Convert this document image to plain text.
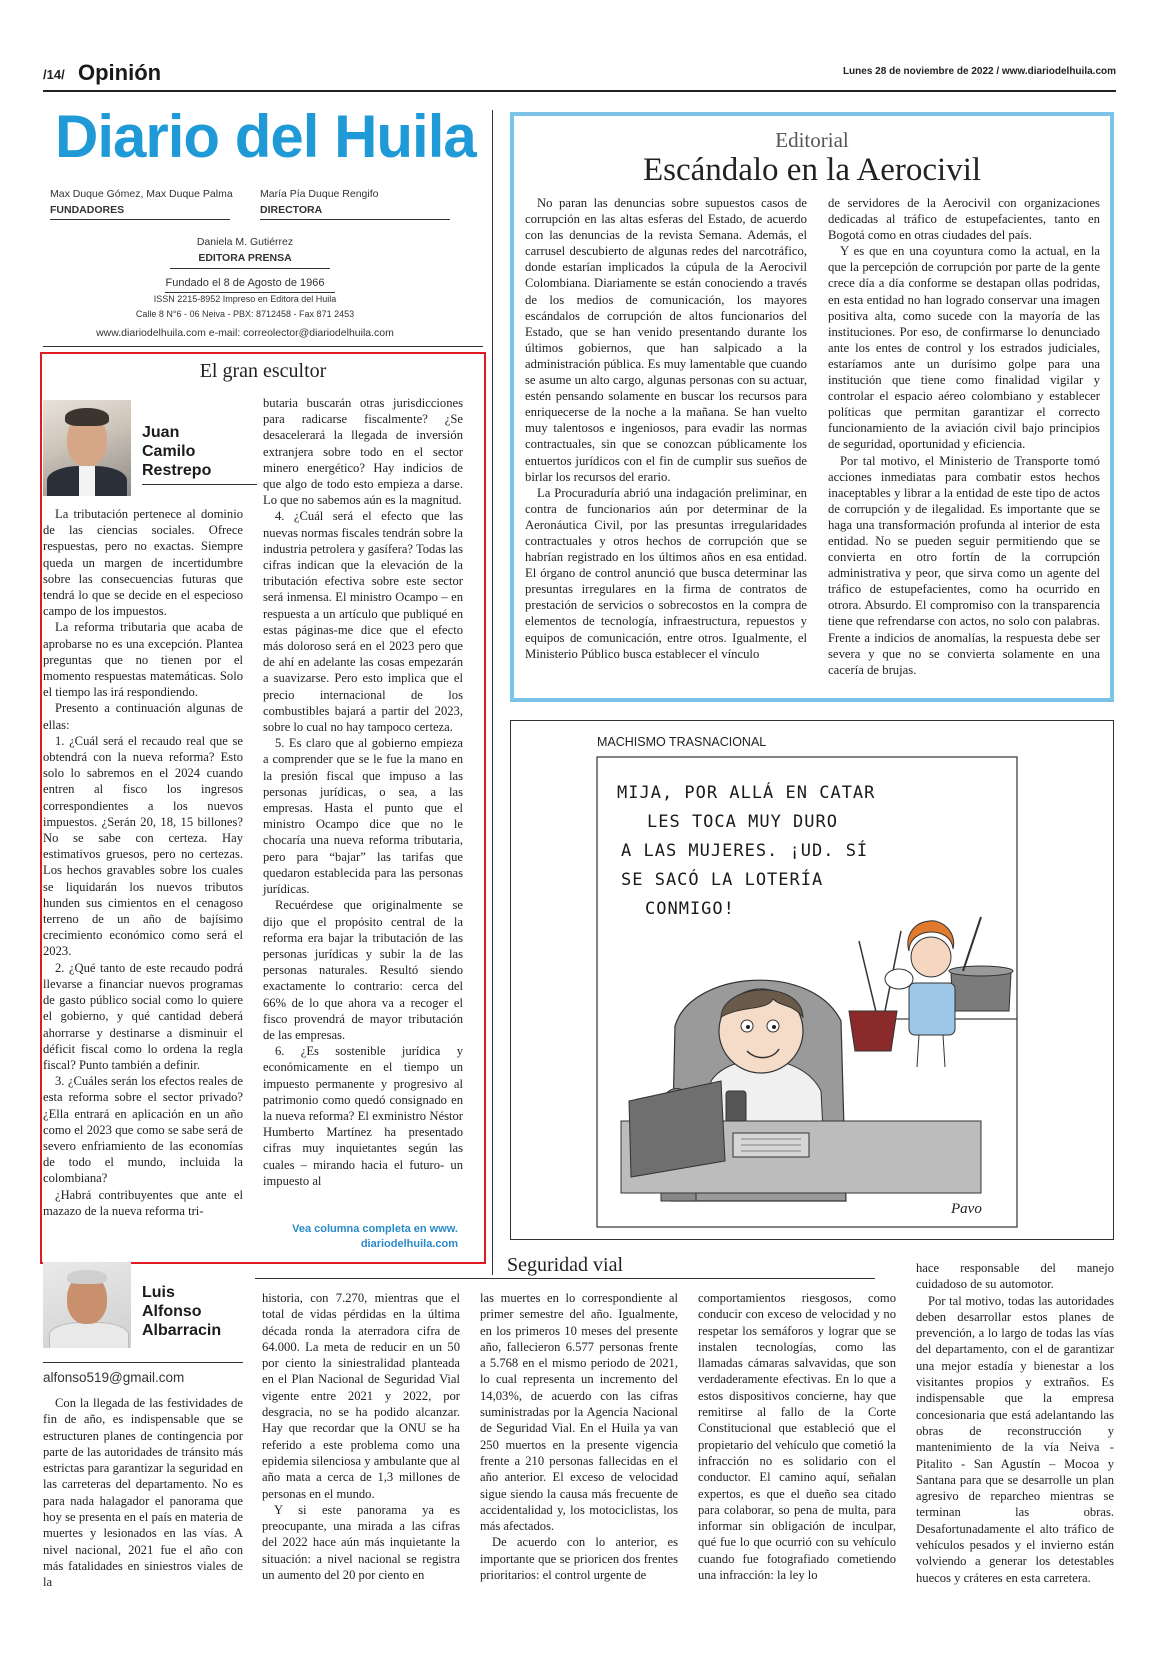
/14/ Opinión	Lunes 28 de noviembre de 2022 / www.diariodelhuila.com
Diario del Huila
Max Duque Gómez, Max Duque Palma
FUNDADORES
María Pía Duque Rengifo
DIRECTORA
Daniela M. Gutiérrez
EDITORA PRENSA
Fundado el 8 de Agosto de 1966
ISSN 2215-8952 Impreso en Editora del Huila
Calle 8 N°6 - 06 Neiva - PBX: 8712458 - Fax 871 2453
www.diariodelhuila.com e-mail: correolector@diariodelhuila.com
El gran escultor
Juan
Camilo
Restrepo

La tributación pertenece al dominio de las ciencias sociales. Ofrece respuestas, pero no exactas. Siempre queda un margen de incertidumbre sobre las consecuencias futuras que tendrá lo que se decide en el especioso campo de los impuestos.

La reforma tributaria que acaba de aprobarse no es una excepción. Plantea preguntas que no tienen por el momento respuestas matemáticas. Solo el tiempo las irá respondiendo.

Presento a continuación algunas de ellas:

1. ¿Cuál será el recaudo real que se obtendrá con la nueva reforma? Esto solo lo sabremos en el 2024 cuando entren al fisco los ingresos correspondientes a los nuevos impuestos. ¿Serán 20, 18, 15 billones? No se sabe con certeza. Hay estimativos gruesos, pero no certezas. Los hechos gravables sobre los cuales se liquidarán los nuevos tributos hunden sus cimientos en el cenagoso terreno de un año de bajísimo crecimiento económico como será el 2023.

2. ¿Qué tanto de este recaudo podrá llevarse a financiar nuevos programas de gasto público social como lo quiere el gobierno, y qué cantidad deberá ahorrarse y destinarse a disminuir el déficit fiscal como lo ordena la regla fiscal? Punto también a definir.

3. ¿Cuáles serán los efectos reales de esta reforma sobre el sector privado? ¿Ella entrará en aplicación en un año como el 2023 que como se sabe será de severo enfriamiento de las economías de todo el mundo, incluida la colombiana?

¿Habrá contribuyentes que ante el mazazo de la nueva reforma tri-

butaria buscarán otras jurisdicciones para radicarse fiscalmente? ¿Se desacelerará la llegada de inversión extranjera sobre todo en el sector minero energético? Hay indicios de que algo de todo esto empieza a darse. Lo que no sabemos aún es la magnitud.

4. ¿Cuál será el efecto que las nuevas normas fiscales tendrán sobre la industria petrolera y gasífera? Todas las cifras indican que la elevación de la tributación efectiva sobre este sector será inmensa. El ministro Ocampo – en respuesta a un artículo que publiqué en estas páginas-me dice que el efecto más doloroso será en el 2023 pero que de ahí en adelante las cosas empezarán a suavizarse. Pero esto implica que el precio internacional de los combustibles bajará a partir del 2023, sobre lo cual no hay tampoco certeza.

5. Es claro que al gobierno empieza a comprender que se le fue la mano en la presión fiscal que impuso a las personas jurídicas, o sea, a las empresas. Hasta el punto que el ministro Ocampo dice que no le chocaría una nueva reforma tributaria, pero para “bajar” las tarifas que quedaron establecida para las personas jurídicas.

Recuérdese que originalmente se dijo que el propósito central de la reforma era bajar la tributación de las personas jurídicas y subir la de las personas naturales. Resultó siendo exactamente lo contrario: cerca del 66% de lo que ahora va a recoger el fisco provendrá de mayor tributación de las empresas.

6. ¿Es sostenible jurídica y económicamente en el tiempo un impuesto permanente y progresivo al patrimonio como quedó consignado en la nueva reforma? El exministro Néstor Humberto Martínez ha presentado cifras muy inquietantes según las cuales – mirando hacia el futuro- un impuesto al

Vea columna completa en www.
diariodelhuila.com
Editorial
Escándalo en la Aerocivil

No paran las denuncias sobre supuestos casos de corrupción en las altas esferas del Estado, de acuerdo con las denuncias de la revista Semana. Además, el carrusel descubierto de algunas redes del narcotráfico, donde estarían implicados la cúpula de la Aerocivil Colombiana. Diariamente se están conociendo a través de los medios de comunicación, los mayores escándalos de corrupción de altos funcionarios del Estado, que se han venido presentando durante los últimos gobiernos, que han salpicado a la administración pública. Es muy lamentable que cuando se asume un alto cargo, algunas personas con su actuar, estén pensando solamente en buscar los recursos para enriquecerse de la noche a la mañana. Se han vuelto muy talentosos e ingeniosos, para evadir las normas contractuales, sin que se conozcan públicamente los entuertos jurídicos con el fin de cumplir sus sueños de birlar los recursos del erario.

La Procuraduría abrió una indagación preliminar, en contra de funcionarios aún por determinar de la Aeronáutica Civil, por las presuntas irregularidades contractuales y otros hechos de corrupción que se habrían registrado en los últimos años en esa entidad. El órgano de control anunció que busca determinar las presuntas irregulares en la firma de contratos de prestación de servicios o sobrecostos en la compra de elementos de tecnología, infraestructura, repuestos y equipos de comunicación, entre otros. Igualmente, el Ministerio Público busca establecer el vínculo

de servidores de la Aerocivil con organizaciones dedicadas al tráfico de estupefacientes, tanto en Bogotá como en otras ciudades del país.

Y es que en una coyuntura como la actual, en la que la percepción de corrupción por parte de la gente crece día a día conforme se destapan ollas podridas, en esta entidad no han logrado conservar una imagen positiva alta, como sucede con la mayoría de las instituciones. Por eso, de confirmarse lo denunciado ante los entes de control y los estrados judiciales, estaríamos ante un durísimo golpe para una institución que tiene como finalidad vigilar y controlar el espacio aéreo colombiano y establecer políticas que permitan garantizar el correcto funcionamiento de la aviación civil bajo principios de seguridad, oportunidad y eficiencia.

Por tal motivo, el Ministerio de Transporte tomó acciones inmediatas para combatir estos hechos inaceptables y librar a la entidad de este tipo de actos de corrupción y de ilegalidad. Es importante que se haga una transformación profunda al interior de esta entidad. No se pueden seguir permitiendo que se convierta en otro fortín de la corrupción administrativa y peor, que sirva como un agente del tráfico de estupefacientes, como ha ocurrido en otrora. Absurdo. El compromiso con la transparencia tiene que refrendarse con actos, no solo con palabras. Frente a indicios de anomalías, la respuesta debe ser severa y que no se convierta solamente en una cacería de brujas.

MACHISMO TRASNACIONAL
MIJA, POR ALLÁ EN CATAR
LES TOCA MUY DURO
A LAS MUJERES. ¡UD. SÍ
SE SACÓ LA LOTERÍA
CONMIGO!
Pavo
Seguridad vial
Luis
Alfonso
Albarracin
alfonso519@gmail.com

Con la llegada de las festividades de fin de año, es indispensable que se estructuren planes de contingencia por parte de las autoridades de tránsito más estrictas para garantizar la seguridad en las carreteras del departamento. No es para nada halagador el panorama que hoy se presenta en el país en materia de muertes y lesionados en las vías. A nivel nacional, 2021 fue el año con más fatalidades en siniestros viales de la

historia, con 7.270, mientras que el total de vidas pérdidas en la última década ronda la aterradora cifra de 64.000. La meta de reducir en un 50 por ciento la siniestralidad planteada en el Plan Nacional de Seguridad Vial vigente entre 2021 y 2022, por desgracia, no se ha podido alcanzar. Hay que recordar que la ONU se ha referido a este problema como una epidemia silenciosa y ambulante que al año mata a cerca de 1,3 millones de personas en el mundo.

Y si este panorama ya es preocupante, una mirada a las cifras del 2022 hace aún más inquietante la situación: a nivel nacional se registra un aumento del 20 por ciento en

las muertes en lo correspondiente al primer semestre del año. Igualmente, en los primeros 10 meses del presente año, fallecieron 6.577 personas frente a 5.768 en el mismo periodo de 2021, lo cual representa un incremento del 14,03%, de acuerdo con las cifras suministradas por la Agencia Nacional de Seguridad Vial. En el Huila ya van 250 muertos en la presente vigencia frente a 210 personas fallecidas en el año anterior. El exceso de velocidad sigue siendo la causa más frecuente de accidentalidad y, los motociclistas, los más afectados.

De acuerdo con lo anterior, es importante que se prioricen dos frentes prioritarios: el control urgente de

comportamientos riesgosos, como conducir con exceso de velocidad y no respetar los semáforos y lograr que se instalen tecnologías, como las llamadas cámaras salvavidas, que son verdaderamente efectivas. En lo que a estos dispositivos concierne, hay que remitirse al fallo de la Corte Constitucional que estableció que el propietario del vehículo que cometió la infracción no es solidario con el conductor. El camino aquí, señalan expertos, es que el dueño sea citado para colaborar, so pena de multa, para informar sin obligación de inculpar, qué fue lo que ocurrió con su vehículo cuando fue fotografiado cometiendo una infracción: la ley lo

hace responsable del manejo cuidadoso de su automotor.

Por tal motivo, todas las autoridades deben desarrollar estos planes de prevención, a lo largo de todas las vías del departamento, con el de garantizar una mejor estadía y bienestar a los visitantes propios y extraños. Es indispensable que la empresa concesionaria que está adelantando las obras de reconstrucción y mantenimiento de la vía Neiva - Pitalito - San Agustín – Mocoa y Santana para que se desarrolle un plan agresivo de reparcheo mientras se terminan las obras. Desafortunadamente el alto tráfico de vehículos pesados y el invierno están volviendo a generar los detestables huecos y cráteres en esta carretera.
